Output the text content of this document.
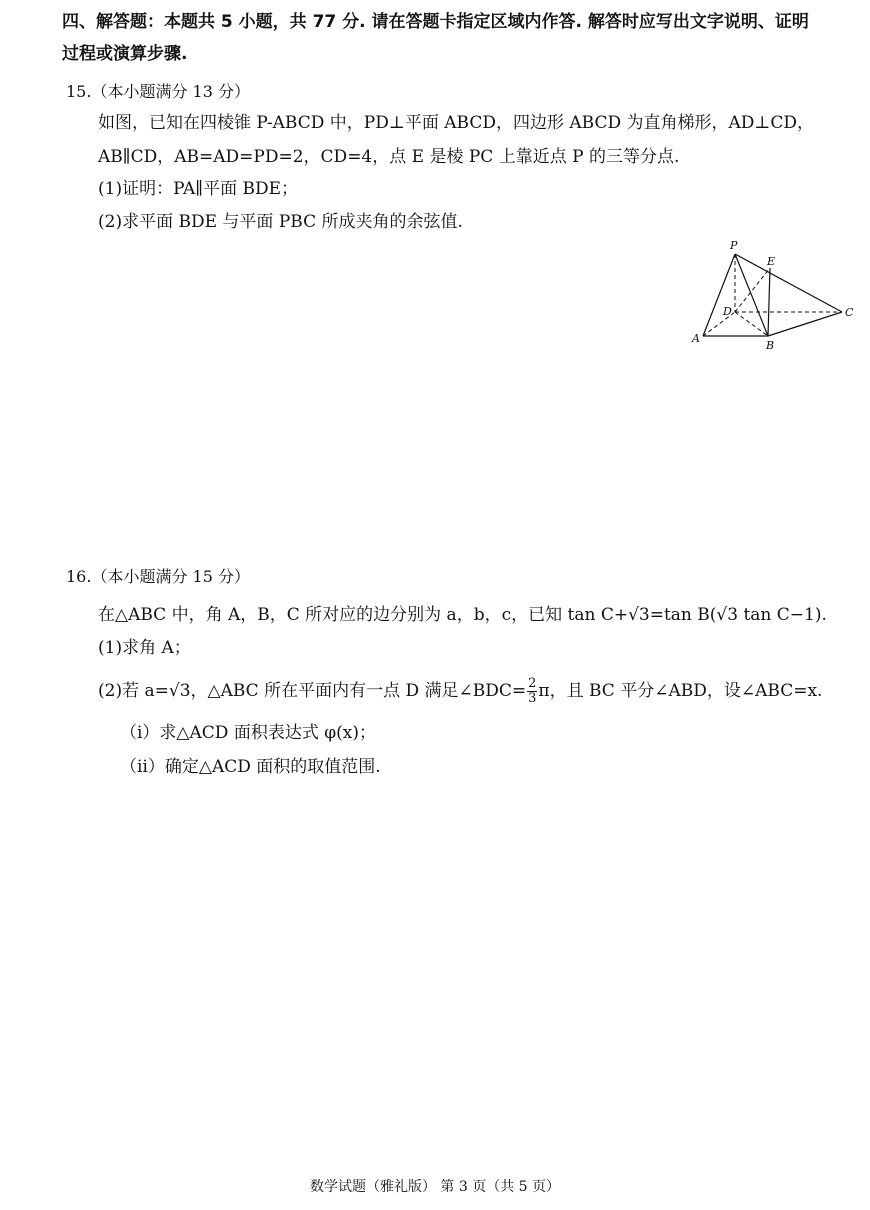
四、解答题：本题共 5 小题，共 77 分. 请在答题卡指定区域内作答. 解答时应写出文字说明、证明
过程或演算步骤.
15.（本小题满分 13 分）
如图，已知在四棱锥 P-ABCD 中，PD⊥平面 ABCD，四边形 ABCD 为直角梯形，AD⊥CD，
AB∥CD，AB=AD=PD=2，CD=4，点 E 是棱 PC 上靠近点 P 的三等分点.
(1)证明：PA∥平面 BDE；
(2)求平面 BDE 与平面 PBC 所成夹角的余弦值.
P
E
D	C
A
B
16.（本小题满分 15 分）
在△ABC 中，角 A，B，C 所对应的边分别为 a，b，c，已知 tan C+√3=tan B(√3 tan C−1).
(1)求角 A；
(2)若 a=√3，△ABC 所在平面内有一点 D 满足∠BDC= $\frac{2}{3}$ π，且 BC 平分∠ABD，设∠ABC=x.
（ⅰ）求△ACD 面积表达式 φ(x)；
（ⅱ）确定△ACD 面积的取值范围.
数学试题（雅礼版） 第 3 页（共 5 页）
